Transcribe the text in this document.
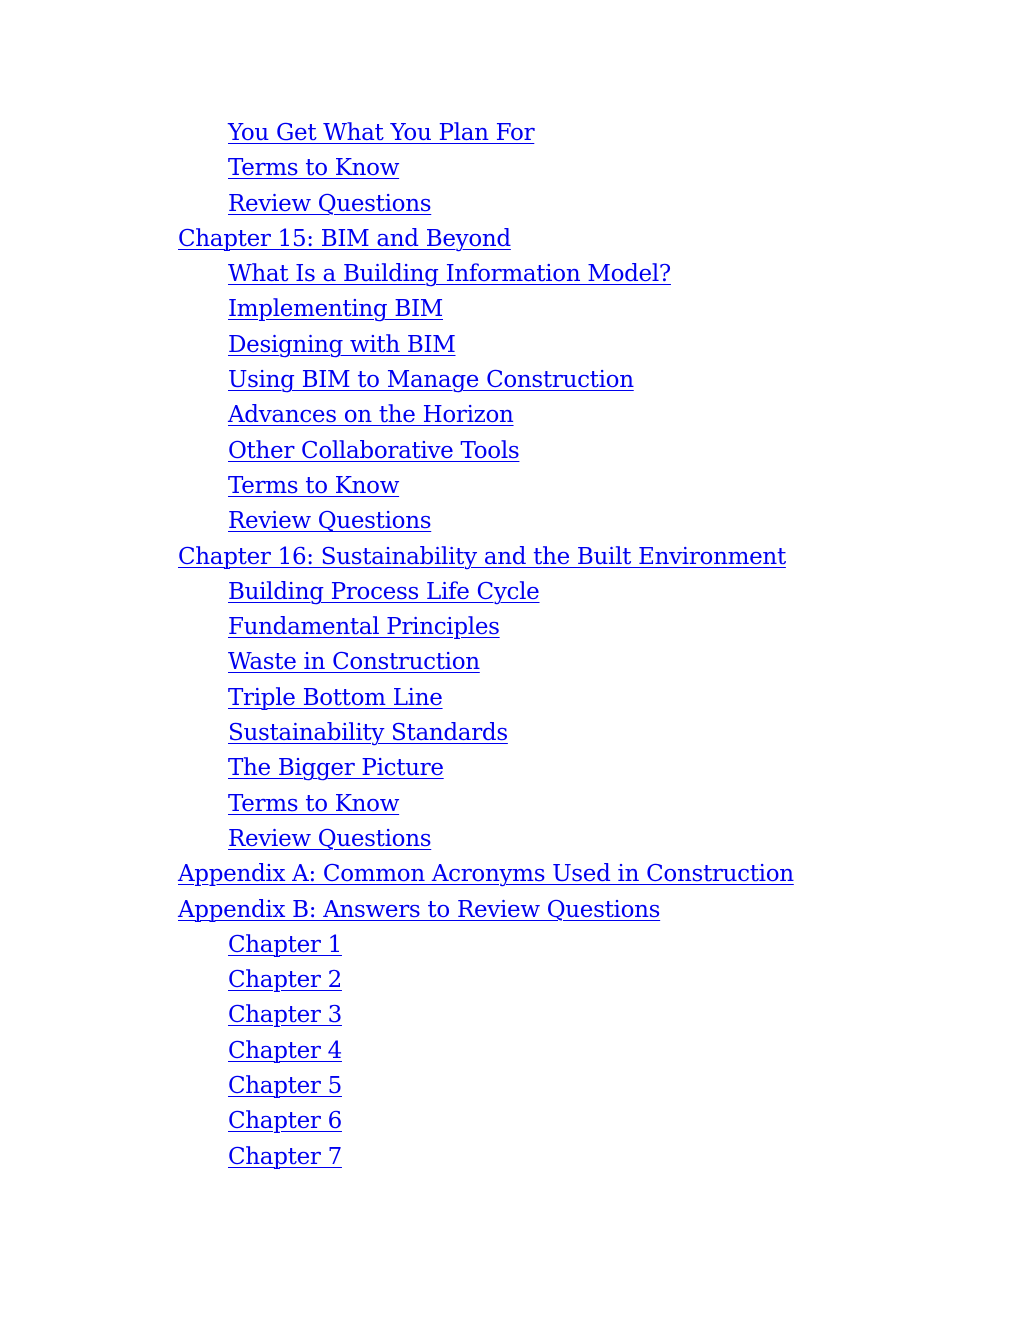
You Get What You Plan For
Terms to Know
Review Questions
Chapter 15: BIM and Beyond
What Is a Building Information Model?
Implementing BIM
Designing with BIM
Using BIM to Manage Construction
Advances on the Horizon
Other Collaborative Tools
Terms to Know
Review Questions
Chapter 16: Sustainability and the Built Environment
Building Process Life Cycle
Fundamental Principles
Waste in Construction
Triple Bottom Line
Sustainability Standards
The Bigger Picture
Terms to Know
Review Questions
Appendix A: Common Acronyms Used in Construction
Appendix B: Answers to Review Questions
Chapter 1
Chapter 2
Chapter 3
Chapter 4
Chapter 5
Chapter 6
Chapter 7
